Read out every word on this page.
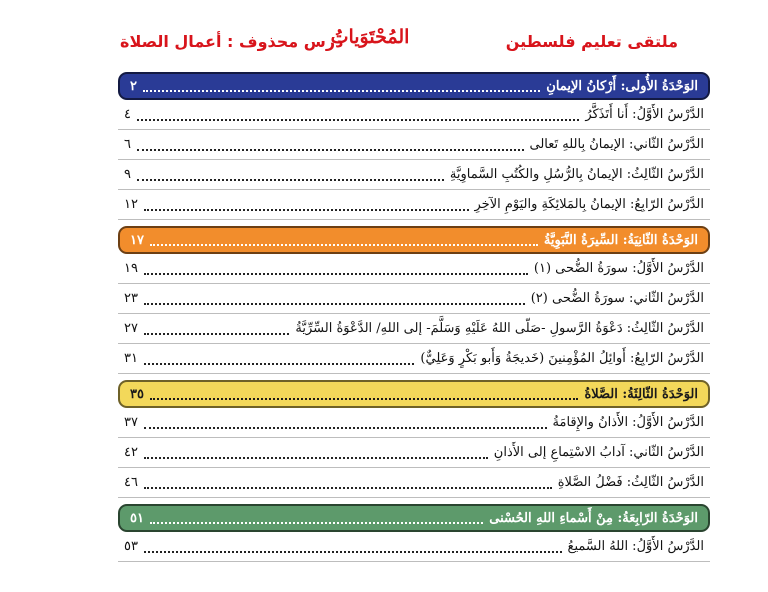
ملتقى تعليم فلسطين
المُحْتَوَياتُ
درس محذوف : أعمال الصلاة
الوَحْدَةُ الأُولى: أَرْكانُ الإيمانِ
٢
الدَّرْسُ الأَوَّلُ: أَنا أَتَذَكَّرُ
٤
الدَّرْسُ الثّاني: الإيمانُ بِاللهِ تَعالى
٦
الدَّرْسُ الثّالِثُ: الإيمانُ بِالرُّسُلِ والكُتُبِ السَّماوِيَّةِ
٩
الدَّرْسُ الرّابِعُ: الإيمانُ بِالمَلائِكَةِ واليَوْمِ الآخِرِ
١٢
الوَحْدَةُ الثّانِيَةُ: السِّيرَةُ النَّبَوِيَّةُ
١٧
الدَّرْسُ الأَوَّلُ: سورَةُ الضُّحى (١)
١٩
الدَّرْسُ الثّاني: سورَةُ الضُّحى (٢)
٢٣
الدَّرْسُ الثّالِثُ: دَعْوَةُ الرَّسولِ -صَلّى اللهُ عَلَيْهِ وَسَلَّمَ- إلى اللهِ/ الدَّعْوَةُ السِّرِّيَّةُ
٢٧
الدَّرْسُ الرّابِعُ: أَوائِلُ المُؤْمِنينَ (خَديجَةُ وَأَبو بَكْرٍ وَعَلِيٌّ)
٣١
الوَحْدَةُ الثّالِثَةُ: الصَّلاةُ
٣٥
الدَّرْسُ الأَوَّلُ: الأَذانُ والإِقامَةُ
٣٧
الدَّرْسُ الثّاني: آدابُ الاسْتِماعِ إلى الأَذانِ
٤٢
الدَّرْسُ الثّالِثُ: فَضْلُ الصَّلاةِ
٤٦
الوَحْدَةُ الرّابِعَةُ: مِنْ أَسْماءِ اللهِ الحُسْنى
٥١
الدَّرْسُ الأَوَّلُ: اللهُ السَّميعُ
٥٣
